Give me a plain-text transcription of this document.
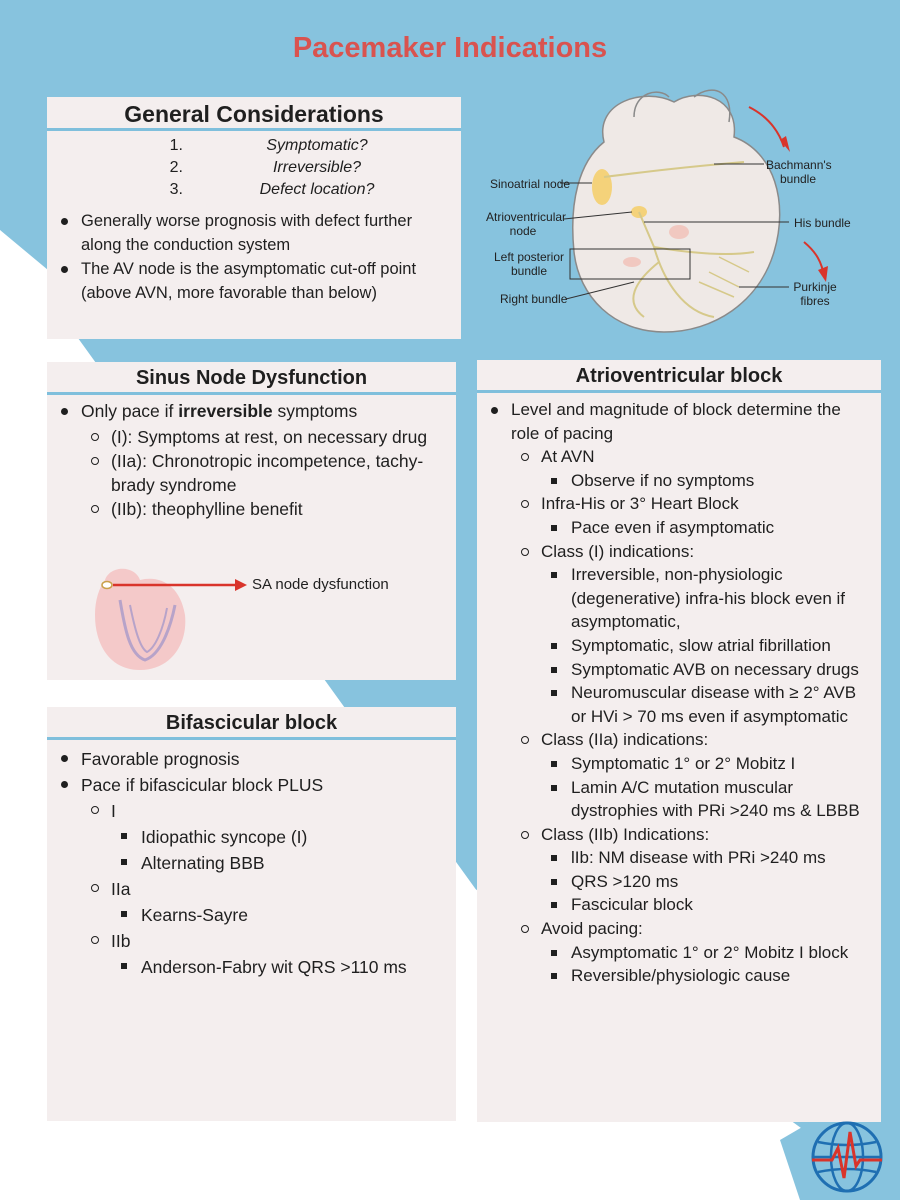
Pacemaker Indications
General Considerations
1.	Symptomatic?
2.	Irreversible?
3.	Defect location?
Generally worse prognosis with defect further along the conduction system
The AV node is the asymptomatic cut-off point (above AVN, more favorable than below)
Sinoatrial node
Atrioventricular node
Left posterior bundle
Right bundle
Bachmann's bundle
His bundle
Purkinje fibres
Sinus Node Dysfunction
Only pace if irreversible symptoms
(I): Symptoms at rest, on necessary drug
(IIa): Chronotropic incompetence, tachy-brady syndrome
(IIb): theophylline benefit
SA node dysfunction
Bifascicular block
Favorable prognosis
Pace if bifascicular block PLUS
I
Idiopathic syncope (I)
Alternating BBB
IIa
Kearns-Sayre
IIb
Anderson-Fabry wit QRS >110 ms
Atrioventricular block
Level and magnitude of block determine the role of pacing
At AVN
Observe if no symptoms
Infra-His or 3° Heart Block
Pace even if asymptomatic
Class (I) indications:
Irreversible, non-physiologic (degenerative) infra-his block even if asymptomatic,
Symptomatic, slow atrial fibrillation
Symptomatic AVB on necessary drugs
Neuromuscular disease with ≥ 2° AVB or HVi > 70 ms even if asymptomatic
Class (IIa) indications:
Symptomatic 1° or 2° Mobitz I
Lamin A/C mutation muscular dystrophies with PRi >240 ms & LBBB
Class (IIb) Indications:
lIb: NM disease with PRi >240 ms
QRS >120 ms
Fascicular block
Avoid pacing:
Asymptomatic 1° or 2° Mobitz I block
Reversible/physiologic cause
